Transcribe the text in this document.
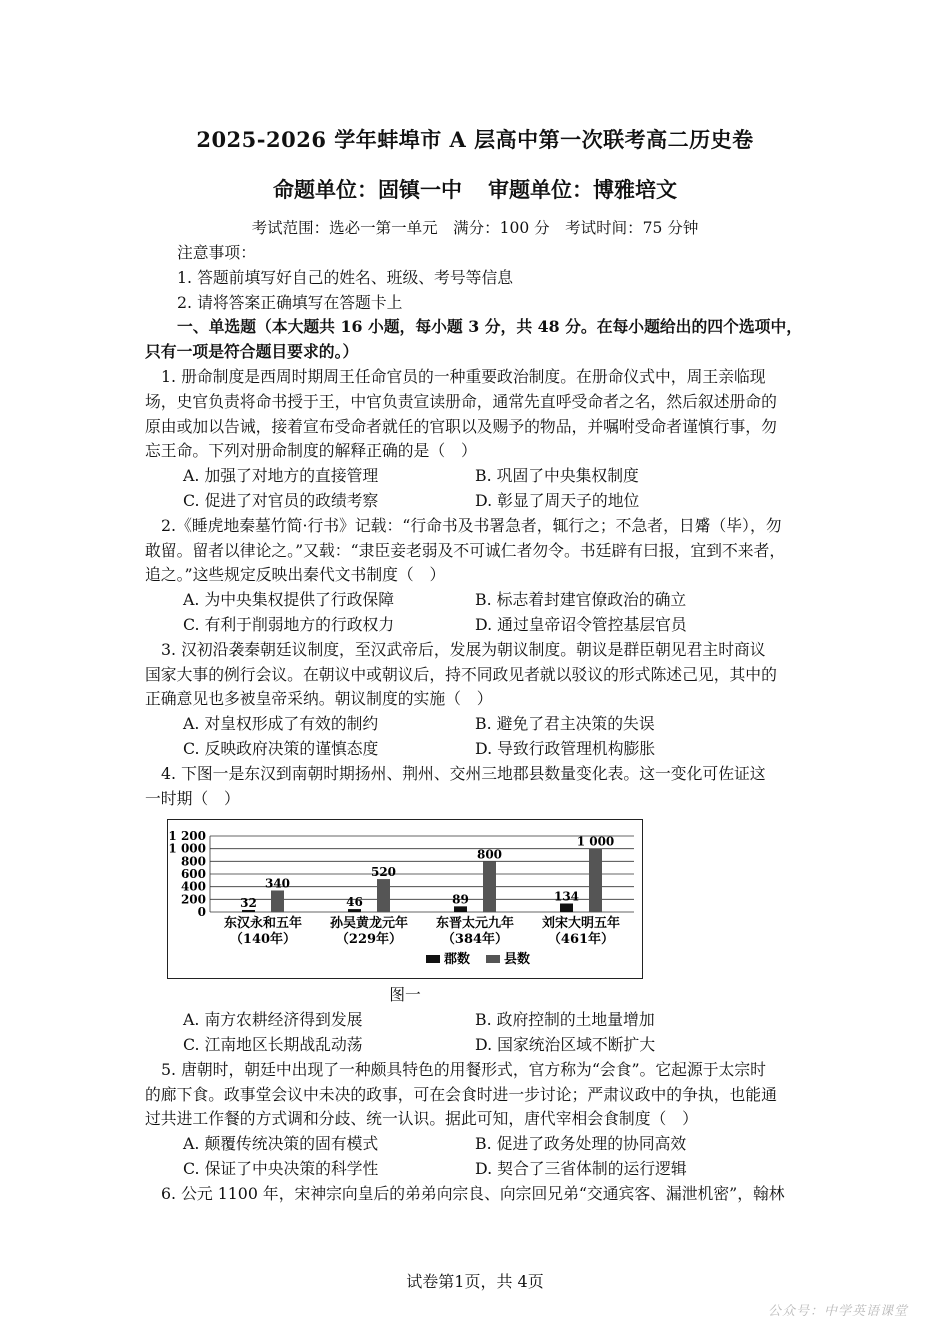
2025-2026 学年蚌埠市 A 层高中第一次联考高二历史卷
命题单位：固镇一中 审题单位：博雅培文
考试范围：选必一第一单元　满分：100 分　考试时间：75 分钟
注意事项：
1. 答题前填写好自己的姓名、班级、考号等信息
2. 请将答案正确填写在答题卡上
一、单选题（本大题共 16 小题，每小题 3 分，共 48 分。在每小题给出的四个选项中，
只有一项是符合题目要求的。）
1. 册命制度是西周时期周王任命官员的一种重要政治制度。在册命仪式中，周王亲临现
场，史官负责将命书授于王，中官负责宣读册命，通常先直呼受命者之名，然后叙述册命的
原由或加以告诫，接着宣布受命者就任的官职以及赐予的物品，并嘱咐受命者谨慎行事，勿
忘王命。下列对册命制度的解释正确的是（　）
A. 加强了对地方的直接管理	B. 巩固了中央集权制度
C. 促进了对官员的政绩考察	D. 彰显了周天子的地位
2.《睡虎地秦墓竹简·行书》记载：“行命书及书署急者，辄行之；不急者，日觱（毕），勿
敢留。留者以律论之。”又载：“隶臣妾老弱及不可诚仁者勿令。书廷辟有曰报，宜到不来者，
追之。”这些规定反映出秦代文书制度（　）
A. 为中央集权提供了行政保障	B. 标志着封建官僚政治的确立
C. 有利于削弱地方的行政权力	D. 通过皇帝诏令管控基层官员
3. 汉初沿袭秦朝廷议制度，至汉武帝后，发展为朝议制度。朝议是群臣朝见君主时商议
国家大事的例行会议。在朝议中或朝议后，持不同政见者就以驳议的形式陈述己见，其中的
正确意见也多被皇帝采纳。朝议制度的实施（　）
A. 对皇权形成了有效的制约	B. 避免了君主决策的失误
C. 反映政府决策的谨慎态度	D. 导致行政管理机构膨胀
4. 下图一是东汉到南朝时期扬州、荆州、交州三地郡县数量变化表。这一变化可佐证这
一时期（　）
0
200
400
600
800
1 000
1 200
32
340
东汉永和五年
（140年）
46
520
孙吴黄龙元年
（229年）
89
800
东晋太元九年
（384年）
134
1 000
刘宋大明五年
（461年）
郡数	县数
图一
A. 南方农耕经济得到发展	B. 政府控制的土地量增加
C. 江南地区长期战乱动荡	D. 国家统治区域不断扩大
5. 唐朝时，朝廷中出现了一种颇具特色的用餐形式，官方称为“会食”。它起源于太宗时
的廊下食。政事堂会议中未决的政事，可在会食时进一步讨论；严肃议政中的争执，也能通
过共进工作餐的方式调和分歧、统一认识。据此可知，唐代宰相会食制度（　）
A. 颠覆传统决策的固有模式	B. 促进了政务处理的协同高效
C. 保证了中央决策的科学性	D. 契合了三省体制的运行逻辑
6. 公元 1100 年，宋神宗向皇后的弟弟向宗良、向宗回兄弟“交通宾客、漏泄机密”，翰林
试卷第1页，共 4页
公众号：中学英语课堂
